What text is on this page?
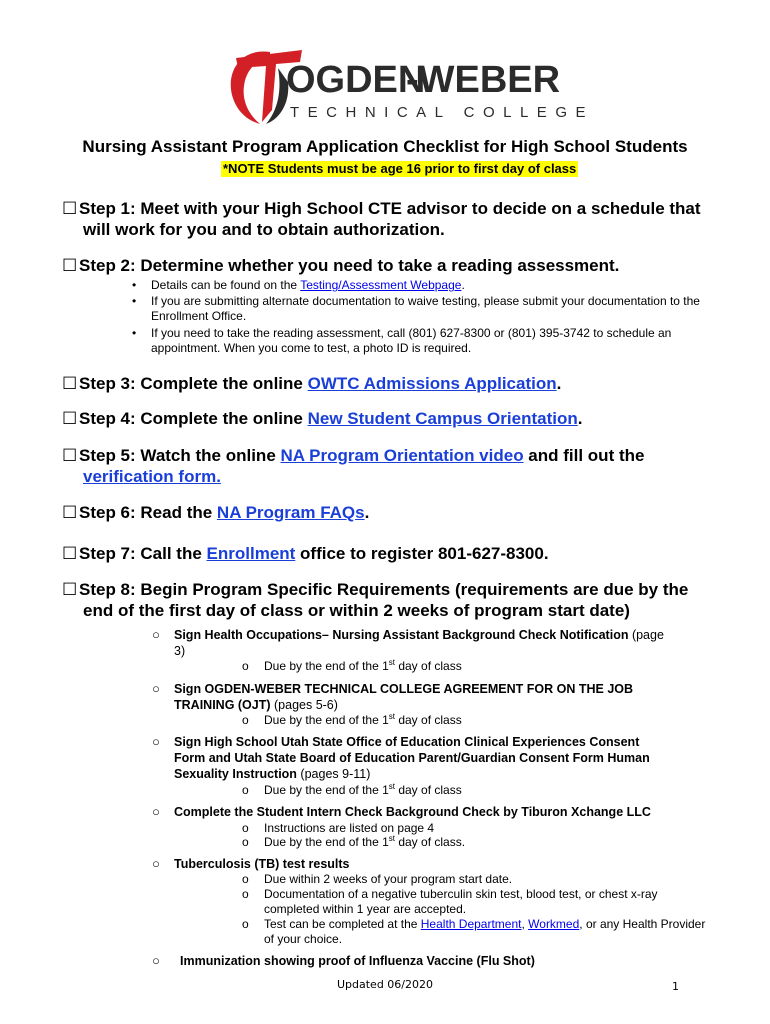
OGDEN
-WEBER
TECHNICAL COLLEGE
Nursing Assistant Program Application Checklist for High School Students
*NOTE Students must be age 16 prior to first day of class
☐ Step 1: Meet with your High School CTE advisor to decide on a schedule that
will work for you and to obtain authorization.
☐ Step 2: Determine whether you need to take a reading assessment.
• Details can be found on the Testing/Assessment Webpage.
• If you are submitting alternate documentation to waive testing, please submit your documentation to the
Enrollment Office.
• If you need to take the reading assessment, call (801) 627-8300 or (801) 395-3742 to schedule an
appointment. When you come to test, a photo ID is required.
☐ Step 3: Complete the online OWTC Admissions Application.
☐ Step 4: Complete the online New Student Campus Orientation.
☐ Step 5: Watch the online NA Program Orientation video and fill out the
verification form.
☐ Step 6: Read the NA Program FAQs.
☐ Step 7: Call the Enrollment office to register 801-627-8300.
☐ Step 8: Begin Program Specific Requirements (requirements are due by the
end of the first day of class or within 2 weeks of program start date)
○ Sign Health Occupations– Nursing Assistant Background Check Notification (page
3)
o Due by the end of the 1st day of class
○ Sign OGDEN-WEBER TECHNICAL COLLEGE AGREEMENT FOR ON THE JOB
TRAINING (OJT) (pages 5-6)
o Due by the end of the 1st day of class
○ Sign High School Utah State Office of Education Clinical Experiences Consent
Form and Utah State Board of Education Parent/Guardian Consent Form Human
Sexuality Instruction (pages 9-11)
o Due by the end of the 1st day of class
○ Complete the Student Intern Check Background Check by Tiburon Xchange LLC
o Instructions are listed on page 4
o Due by the end of the 1st day of class.
○ Tuberculosis (TB) test results
o Due within 2 weeks of your program start date.
o Documentation of a negative tuberculin skin test, blood test, or chest x-ray
completed within 1 year are accepted.
o Test can be completed at the Health Department, Workmed, or any Health Provider
of your choice.
○ Immunization showing proof of Influenza Vaccine (Flu Shot)
Updated 06/2020	1
